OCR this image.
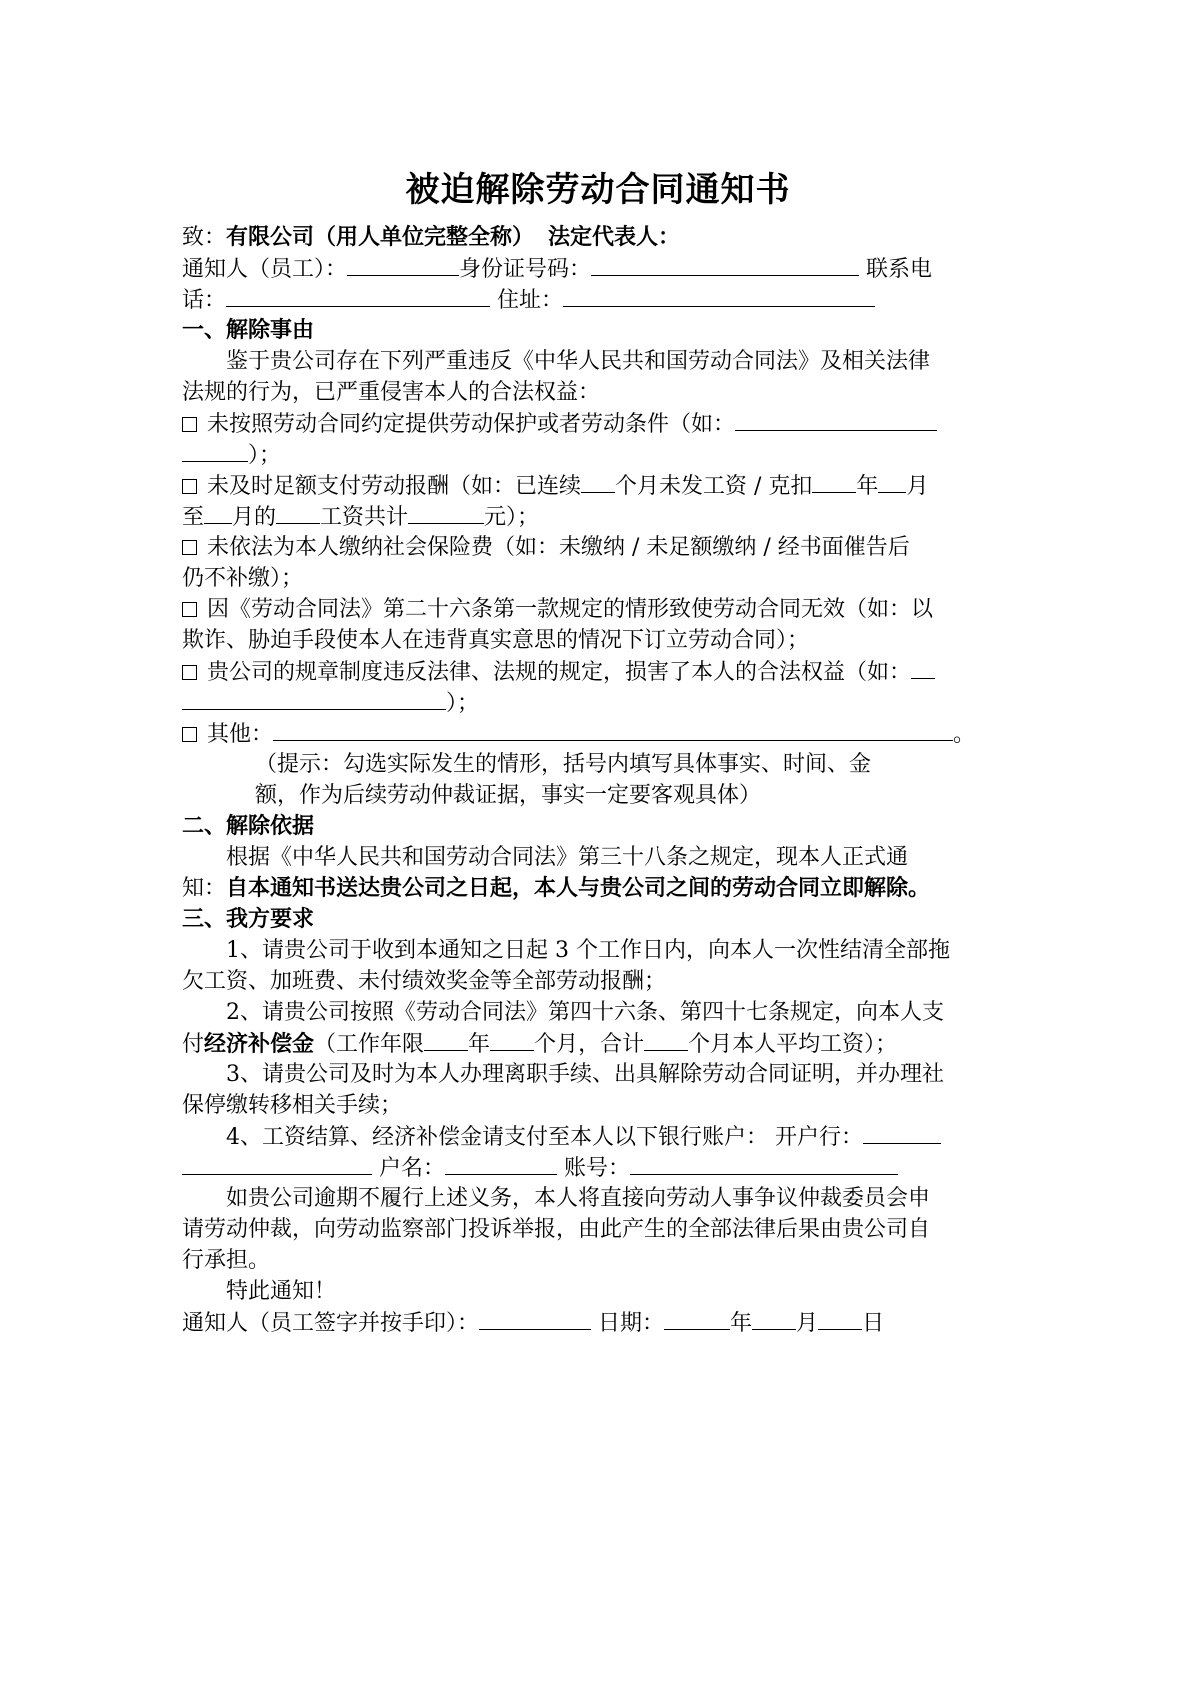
被迫解除劳动合同通知书
致：有限公司（用人单位完整全称） 法定代表人：
通知人（员工）：	身份证号码：	联系电
话：	住址：
一、解除事由
鉴于贵公司存在下列严重违反《中华人民共和国劳动合同法》及相关法律
法规的行为，已严重侵害本人的合法权益：
未按照劳动合同约定提供劳动保护或者劳动条件（如：
）；
未及时足额支付劳动报酬（如：已连续 个月未发工资 / 克扣 年 月
至 月的 工资共计	元）；
未依法为本人缴纳社会保险费（如：未缴纳 / 未足额缴纳 / 经书面催告后
仍不补缴）；
因《劳动合同法》第二十六条第一款规定的情形致使劳动合同无效（如：以
欺诈、胁迫手段使本人在违背真实意思的情况下订立劳动合同）；
贵公司的规章制度违反法律、法规的规定，损害了本人的合法权益（如：
）；
其他：	。
（提示：勾选实际发生的情形，括号内填写具体事实、时间、金
额，作为后续劳动仲裁证据，事实一定要客观具体）
二、解除依据
根据《中华人民共和国劳动合同法》第三十八条之规定，现本人正式通
知：自本通知书送达贵公司之日起，本人与贵公司之间的劳动合同立即解除。
三、我方要求
1、请贵公司于收到本通知之日起 3 个工作日内，向本人一次性结清全部拖
欠工资、加班费、未付绩效奖金等全部劳动报酬；
2、请贵公司按照《劳动合同法》第四十六条、第四十七条规定，向本人支
付经济补偿金（工作年限 年 个月，合计 个月本人平均工资）；
3、请贵公司及时为本人办理离职手续、出具解除劳动合同证明，并办理社
保停缴转移相关手续；
4、工资结算、经济补偿金请支付至本人以下银行账户： 开户行：
户名：	账号：
如贵公司逾期不履行上述义务，本人将直接向劳动人事争议仲裁委员会申
请劳动仲裁，向劳动监察部门投诉举报，由此产生的全部法律后果由贵公司自
行承担。
特此通知！
通知人（员工签字并按手印）：	日期：	年 月 日
